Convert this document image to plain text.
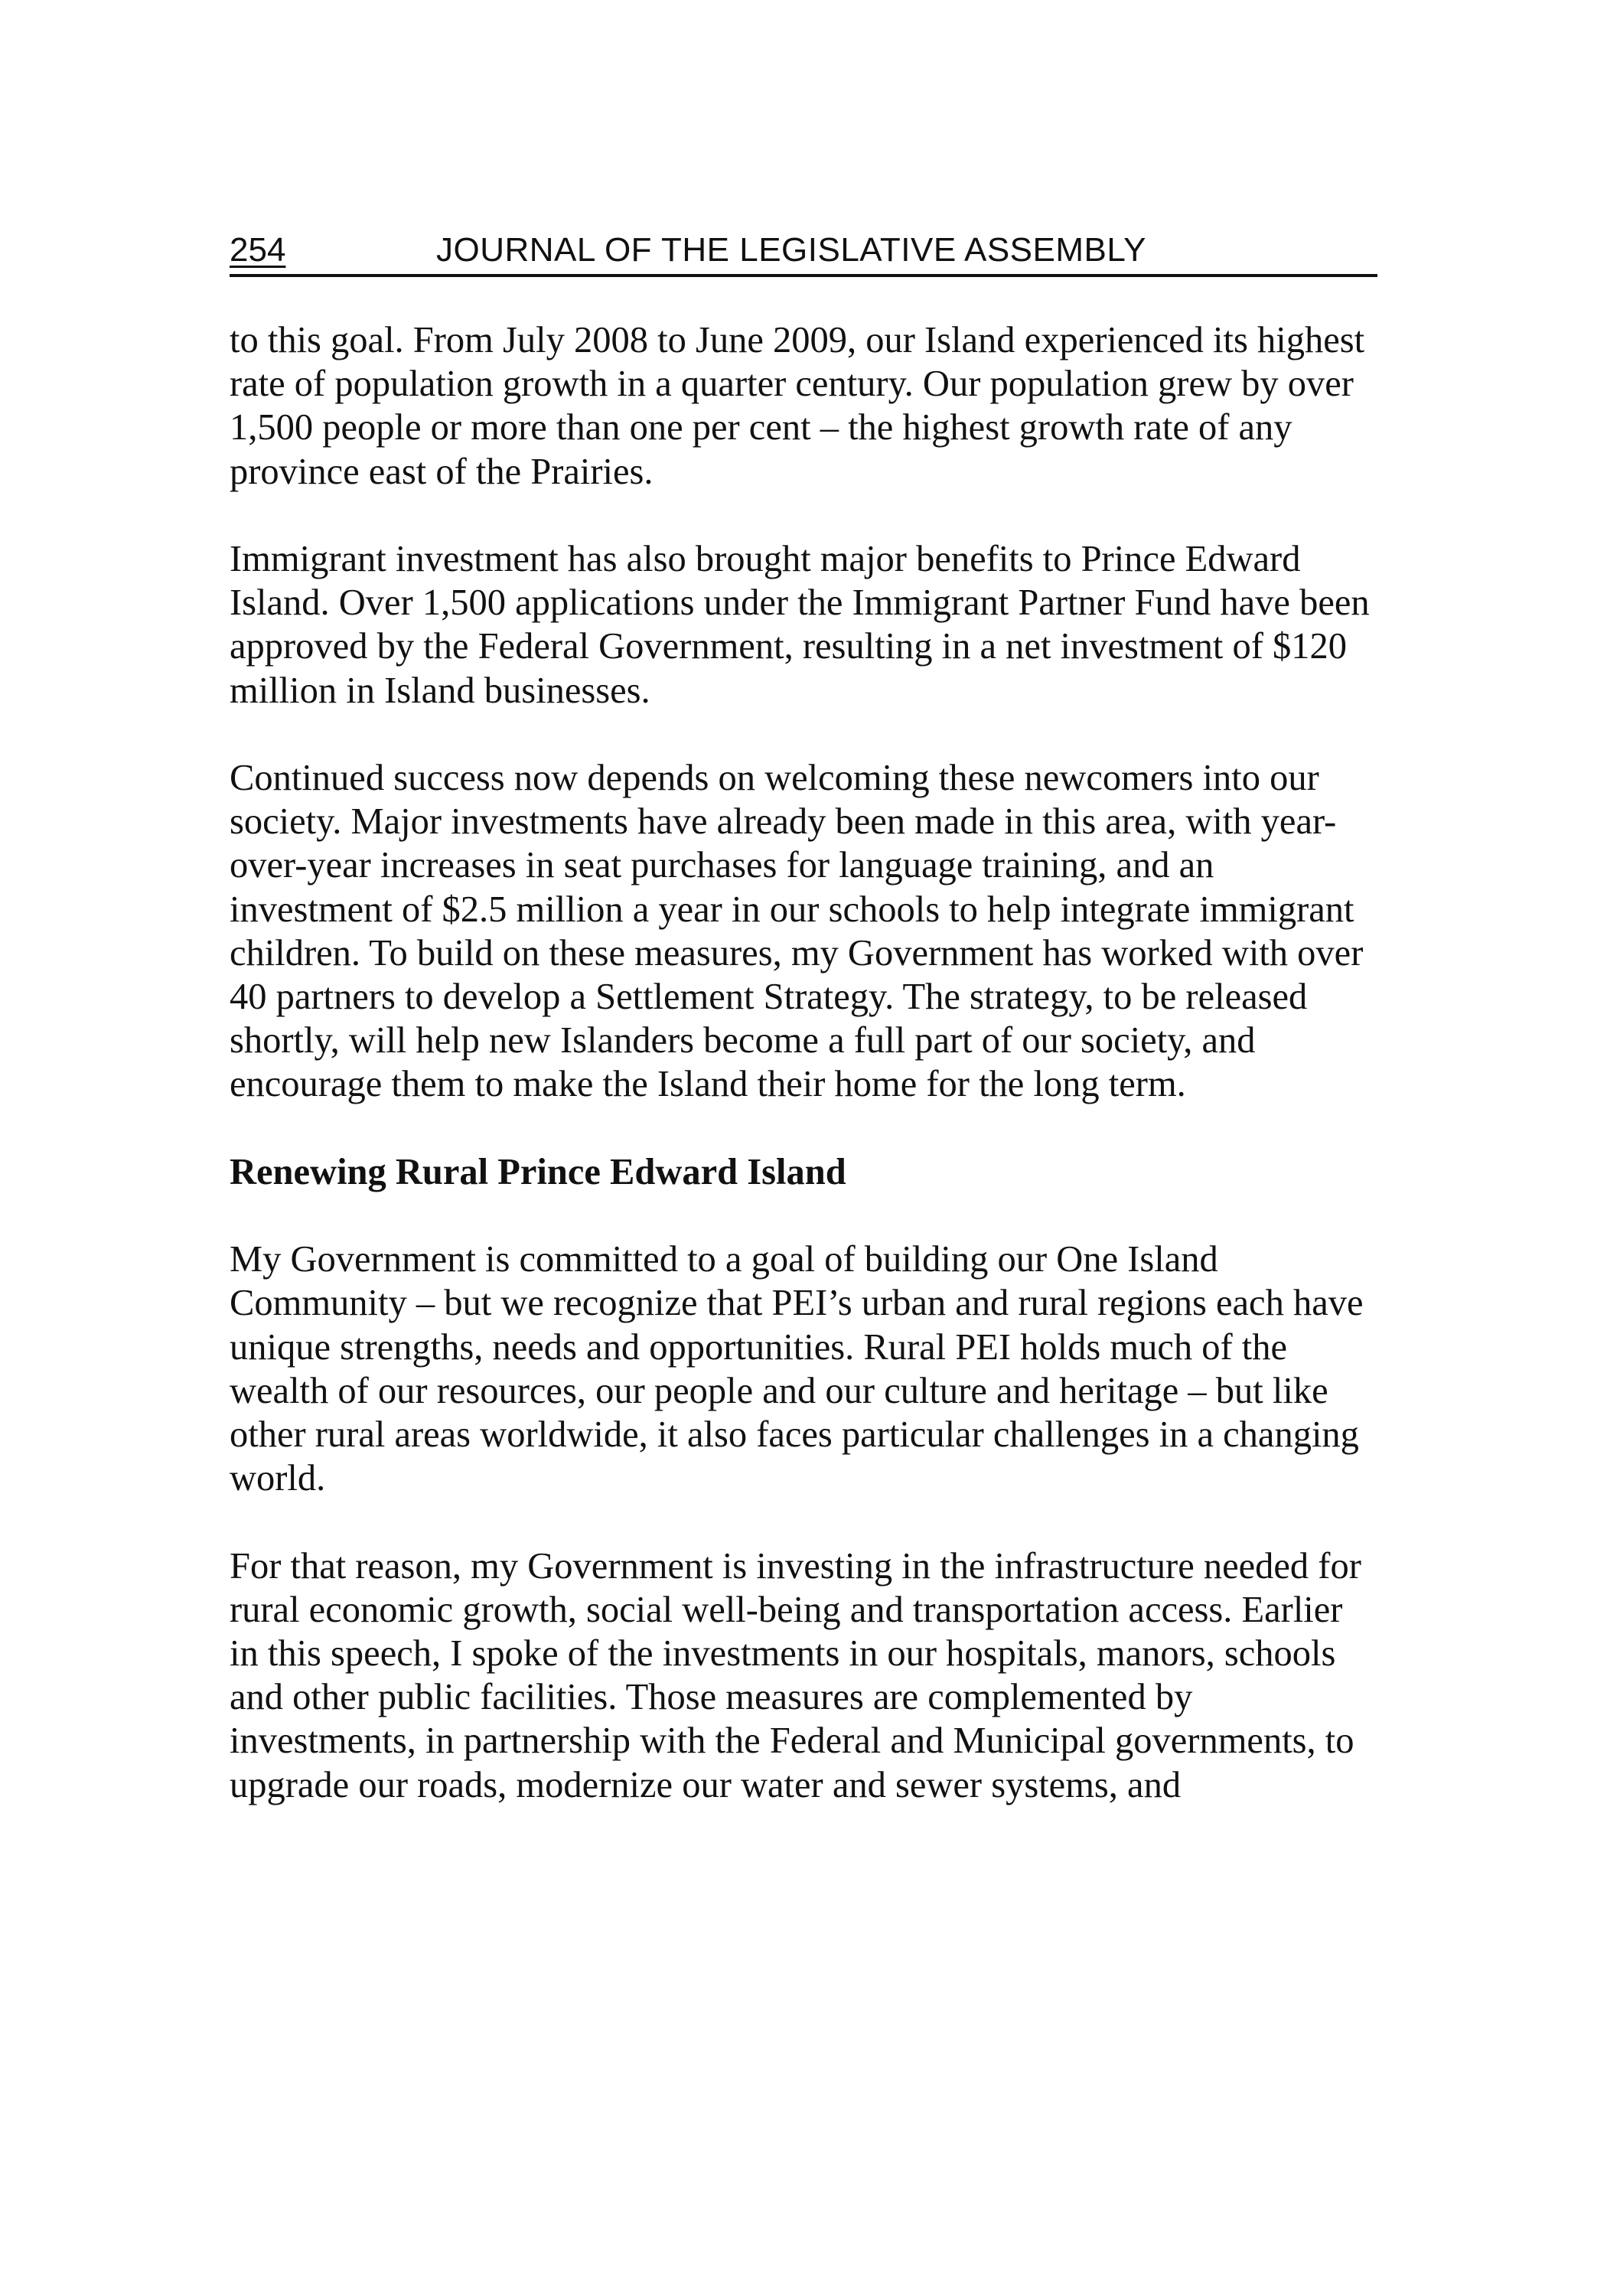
254	JOURNAL OF THE LEGISLATIVE ASSEMBLY

to this goal. From July 2008 to June 2009, our Island experienced its highest rate of population growth in a quarter century. Our population grew by over 1,500 people or more than one per cent – the highest growth rate of any province east of the Prairies.

Immigrant investment has also brought major benefits to Prince Edward Island. Over 1,500 applications under the Immigrant Partner Fund have been approved by the Federal Government, resulting in a net investment of $120 million in Island businesses.

Continued success now depends on welcoming these newcomers into our society. Major investments have already been made in this area, with year-over-year increases in seat purchases for language training, and an investment of $2.5 million a year in our schools to help integrate immigrant children. To build on these measures, my Government has worked with over 40 partners to develop a Settlement Strategy. The strategy, to be released shortly, will help new Islanders become a full part of our society, and encourage them to make the Island their home for the long term.

Renewing Rural Prince Edward Island

My Government is committed to a goal of building our One Island Community – but we recognize that PEI’s urban and rural regions each have unique strengths, needs and opportunities. Rural PEI holds much of the wealth of our resources, our people and our culture and heritage – but like other rural areas worldwide, it also faces particular challenges in a changing world.

For that reason, my Government is investing in the infrastructure needed for rural economic growth, social well-being and transportation access. Earlier in this speech, I spoke of the investments in our hospitals, manors, schools and other public facilities. Those measures are complemented by investments, in partnership with the Federal and Municipal governments, to upgrade our roads, modernize our water and sewer systems, and
